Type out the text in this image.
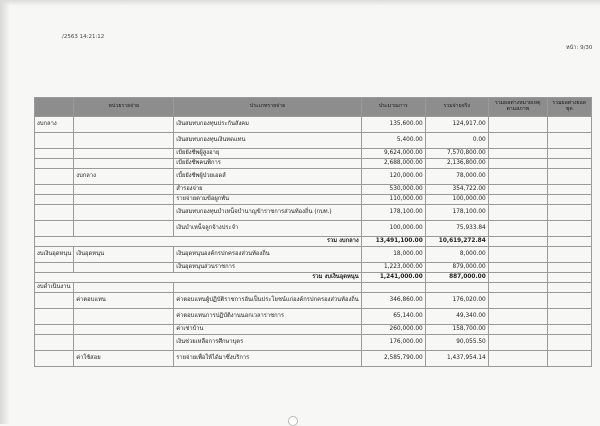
/2563 14:21:12
หน้า: 9/30
	หน่วยรายจ่าย	ประเภทรายจ่าย	ประมาณการ	รวมจ่ายจริง	รวมผลต่างหมายเหตุตามสภาพ	รวมผลต่างยอดชุด
งบกลาง		เงินสมทบกองทุนประกันสังคม	135,600.00	124,917.00		
		เงินสมทบกองทุนเงินทดแทน	5,400.00	0.00		
		เบี้ยยังชีพผู้สูงอายุ	9,624,000.00	7,570,800.00		
		เบี้ยยังชีพคนพิการ	2,688,000.00	2,136,800.00		
	งบกลาง	เบี้ยยังชีพผู้ป่วยเอดส์	120,000.00	78,000.00		
		สำรองจ่าย	530,000.00	354,722.00		
		รายจ่ายตามข้อผูกพัน	110,000.00	100,000.00		
		เงินสมทบกองทุนบำเหน็จบำนาญข้าราชการส่วนท้องถิ่น (กบท.)	178,100.00	178,100.00		
		เงินบำเหน็จลูกจ้างประจำ	100,000.00	75,933.84		
รวม งบกลาง			13,491,100.00	10,619,272.84		
งบเงินอุดหนุน	เงินอุดหนุน	เงินอุดหนุนองค์กรปกครองส่วนท้องถิ่น	18,000.00	8,000.00		
		เงินอุดหนุนส่วนราชการ	1,223,000.00	879,000.00		
รวม งบเงินอุดหนุน			1,241,000.00	887,000.00		
งบดำเนินงาน						
	ค่าตอบแทน	ค่าตอบแทนผู้ปฏิบัติราชการอันเป็นประโยชน์แก่องค์กรปกครองส่วนท้องถิ่น	346,860.00	176,020.00		
		ค่าตอบแทนการปฏิบัติงานนอกเวลาราชการ	65,140.00	49,340.00		
		ค่าเช่าบ้าน	260,000.00	158,700.00		
		เงินช่วยเหลือการศึกษาบุตร	176,000.00	90,055.50		
	ค่าใช้สอย	รายจ่ายเพื่อให้ได้มาซึ่งบริการ	2,585,790.00	1,437,954.14		
